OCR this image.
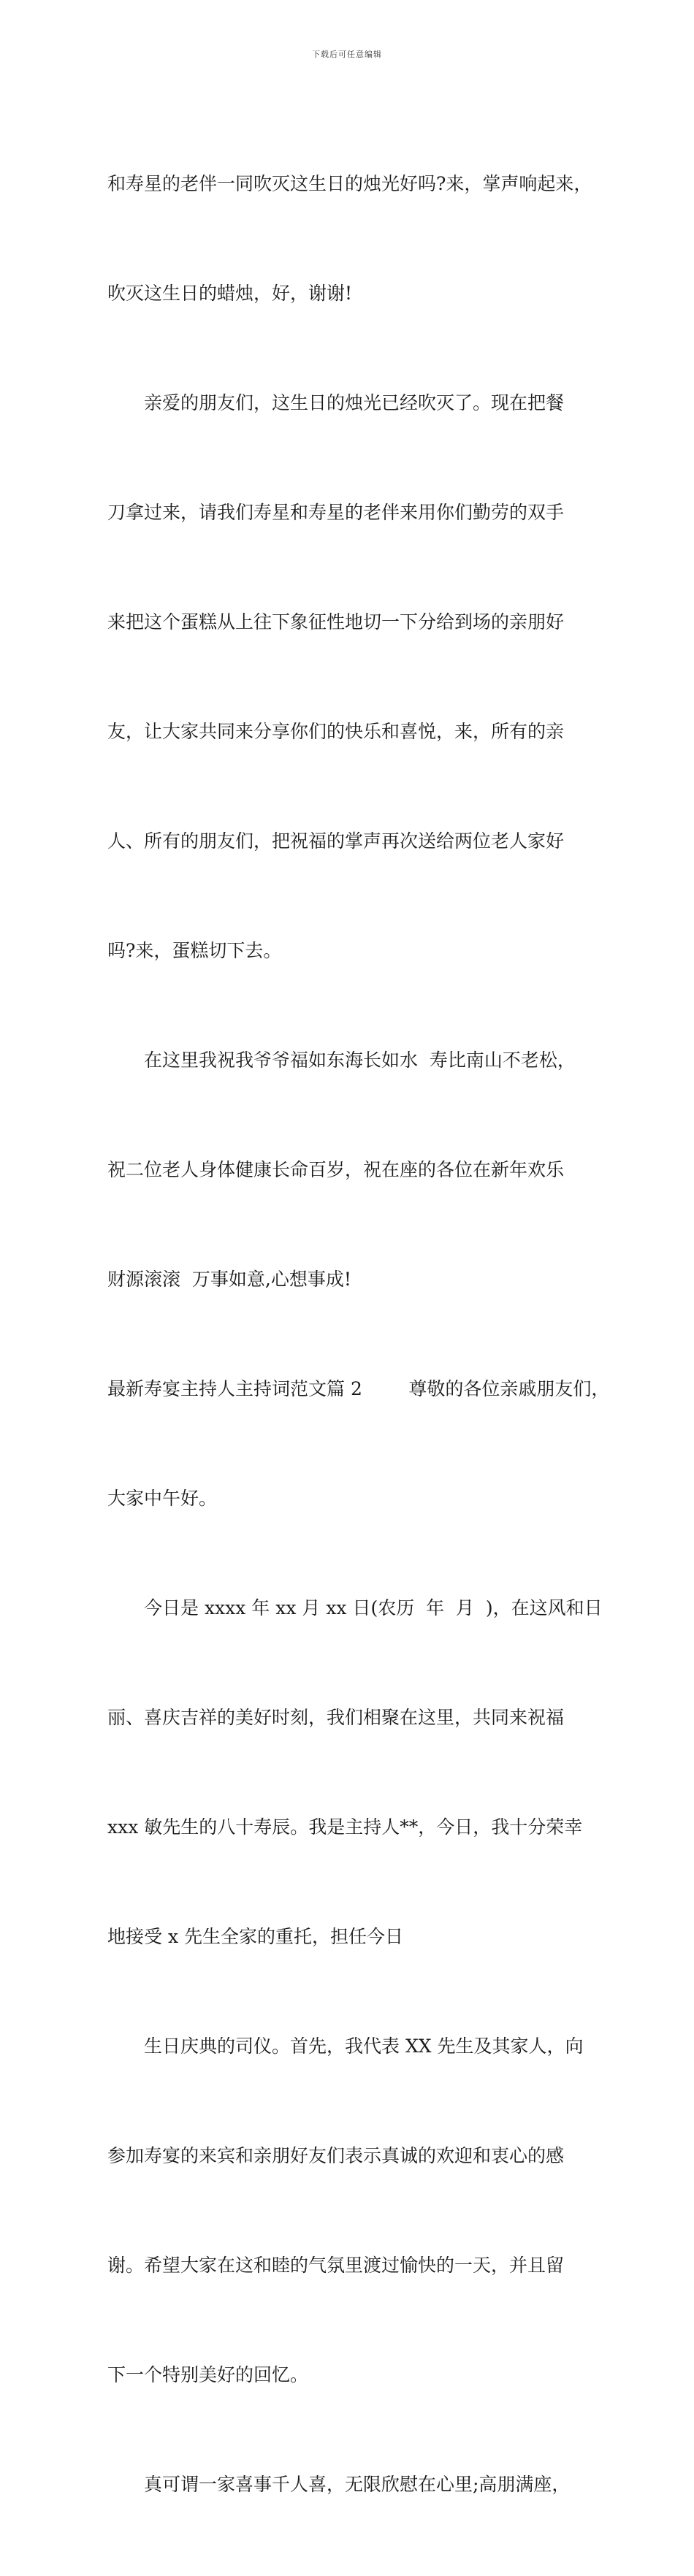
下载后可任意编辑

和寿星的老伴一同吹灭这生日的烛光好吗?来，掌声响起来，

吹灭这生日的蜡烛，好，谢谢!

亲爱的朋友们，这生日的烛光已经吹灭了。现在把餐

刀拿过来，请我们寿星和寿星的老伴来用你们勤劳的双手

来把这个蛋糕从上往下象征性地切一下分给到场的亲朋好

友，让大家共同来分享你们的快乐和喜悦，来，所有的亲

人、所有的朋友们，把祝福的掌声再次送给两位老人家好

吗?来，蛋糕切下去。

在这里我祝我爷爷福如东海长如水  寿比南山不老松，

祝二位老人身体健康长命百岁，祝在座的各位在新年欢乐

财源滚滚  万事如意,心想事成!

最新寿宴主持人主持词范文篇 2        尊敬的各位亲戚朋友们，

大家中午好。

今日是 xxxx 年 xx 月 xx 日(农历  年  月  )，在这风和日

丽、喜庆吉祥的美好时刻，我们相聚在这里，共同来祝福

xxx 敏先生的八十寿辰。我是主持人**，今日，我十分荣幸

地接受 x 先生全家的重托，担任今日

生日庆典的司仪。首先，我代表 XX 先生及其家人，向

参加寿宴的来宾和亲朋好友们表示真诚的欢迎和衷心的感

谢。希望大家在这和睦的气氛里渡过愉快的一天，并且留

下一个特别美好的回忆。

真可谓一家喜事千人喜，无限欣慰在心里;高朋满座，
